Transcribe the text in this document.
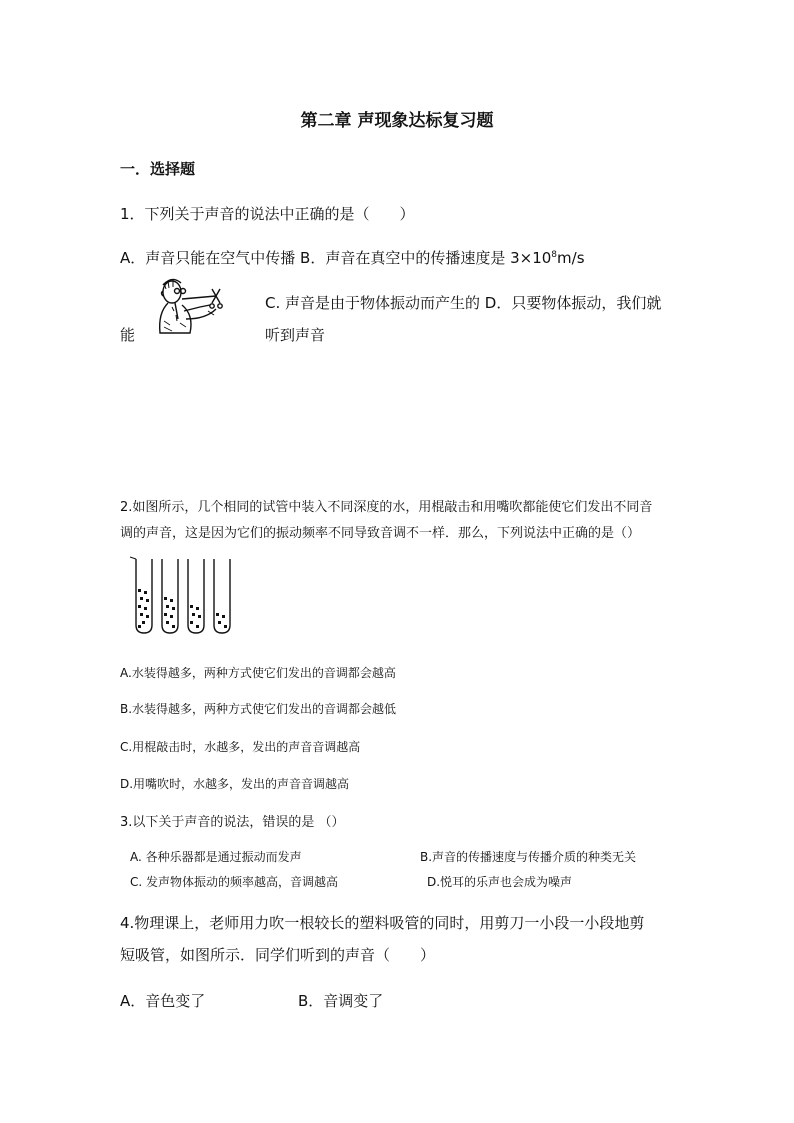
第二章 声现象达标复习题
一．选择题
1．下列关于声音的说法中正确的是（　　）
A．声音只能在空气中传播 B．声音在真空中的传播速度是 $3\times 10^8m/s$
C. 声音是由于物体振动而产生的 D．只要物体振动，我们就
能	听到声音
2.如图所示，几个相同的试管中装入不同深度的水，用棍敲击和用嘴吹都能使它们发出不同音
调的声音，这是因为它们的振动频率不同导致音调不一样．那么，下列说法中正确的是（）
A.水装得越多，两种方式使它们发出的音调都会越高
B.水装得越多，两种方式使它们发出的音调都会越低
C.用棍敲击时，水越多，发出的声音音调越高
D.用嘴吹时，水越多，发出的声音音调越高
3.以下关于声音的说法，错误的是 （）
A. 各种乐器都是通过振动而发声	B.声音的传播速度与传播介质的种类无关
C. 发声物体振动的频率越高，音调越高	D.悦耳的乐声也会成为噪声
4.物理课上，老师用力吹一根较长的塑料吸管的同时，用剪刀一小段一小段地剪
短吸管，如图所示．同学们听到的声音（　　）
A．音色变了	B．音调变了
